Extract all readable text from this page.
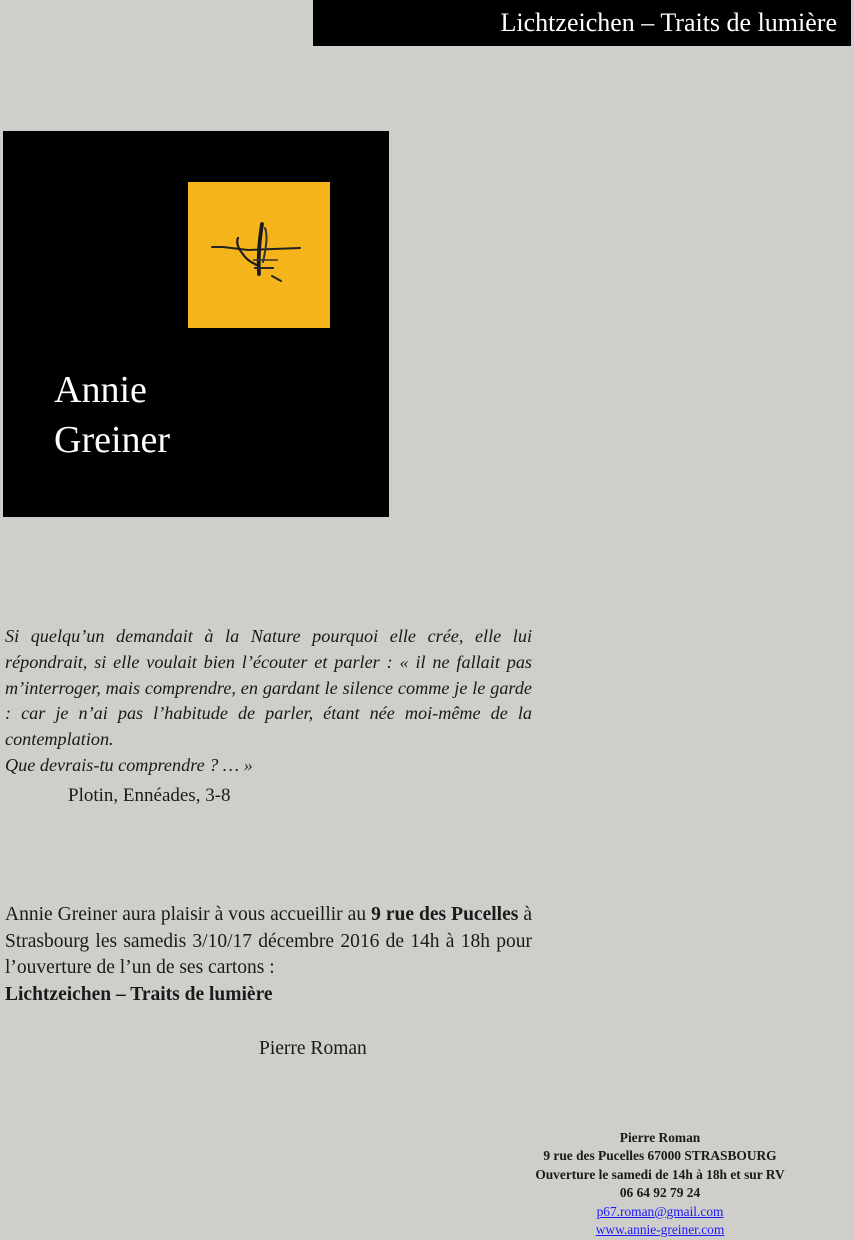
Lichtzeichen – Traits de lumière
Annie
Greiner

Si quelqu’un demandait à la Nature pourquoi elle crée, elle lui répondrait, si elle voulait bien l’écouter et parler : « il ne fallait pas m’interroger, mais comprendre, en gardant le silence comme je le garde : car je n’ai pas l’habitude de parler, étant née moi-même de la contemplation.

Que devrais-tu comprendre ? … »

Plotin, Ennéades, 3-8

Annie Greiner aura plaisir à vous accueillir au 9 rue des Pucelles à Strasbourg les samedis 3/10/17 décembre 2016 de 14h à 18h pour l’ouverture de l’un de ses cartons :

Lichtzeichen – Traits de lumière

Pierre Roman
Pierre Roman
9 rue des Pucelles 67000 STRASBOURG
Ouverture le samedi de 14h à 18h et sur RV
06 64 92 79 24
p67.roman@gmail.com
www.annie-greiner.com
